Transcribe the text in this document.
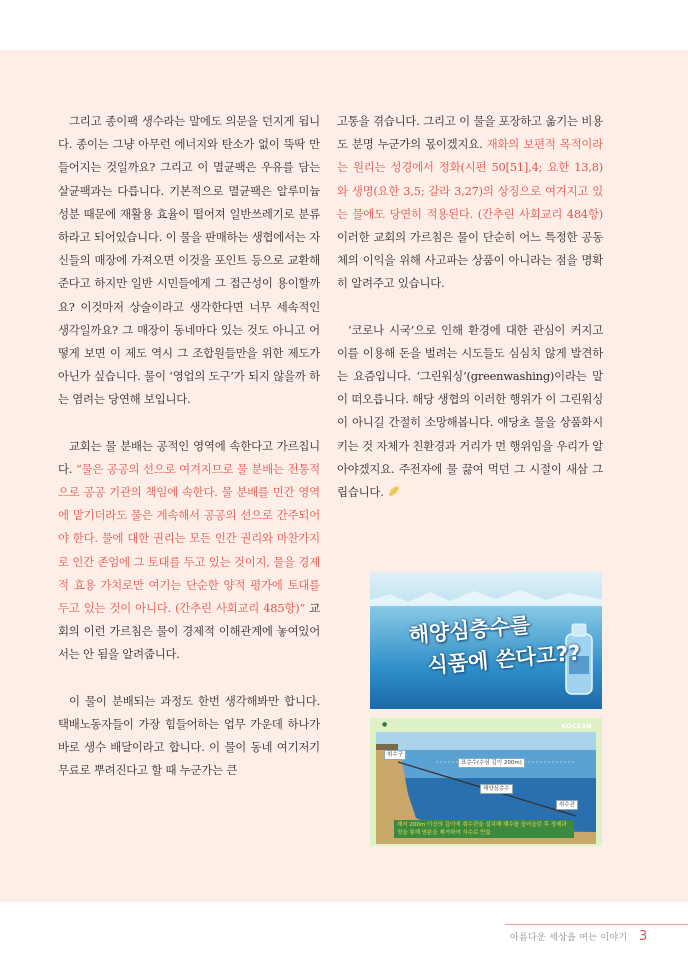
그리고 종이팩 생수라는 말에도 의문을 던지게 됩니다. 종이는 그냥 아무런 에너지와 탄소가 없이 뚝딱 만들어지는 것일까요? 그리고 이 멸균팩은 우유를 담는 살균팩과는 다릅니다. 기본적으로 멸균팩은 알루미늄 성분 때문에 재활용 효율이 떨어져 일반쓰레기로 분류하라고 되어있습니다. 이 물을 판매하는 생협에서는 자신들의 매장에 가져오면 이것을 포인트 등으로 교환해준다고 하지만 일반 시민들에게 그 접근성이 용이할까요? 이것마저 상술이라고 생각한다면 너무 세속적인 생각일까요? 그 매장이 동네마다 있는 것도 아니고 어떻게 보면 이 제도 역시 그 조합원들만을 위한 제도가 아닌가 싶습니다. 물이 ‘영업의 도구’가 되지 않을까 하는 염려는 당연해 보입니다.

교회는 물 분배는 공적인 영역에 속한다고 가르칩니다. “물은 공공의 선으로 여겨지므로 물 분배는 전통적으로 공공 기관의 책임에 속한다. 물 분배를 민간 영역에 맡기더라도 물은 계속해서 공공의 선으로 간주되어야 한다. 물에 대한 권리는 모든 인간 권리와 마찬가지로 인간 존엄에 그 토대를 두고 있는 것이지, 물을 경제적 효용 가치로만 여기는 단순한 양적 평가에 토대를 두고 있는 것이 아니다. (간추린 사회교리 485항)” 교회의 이런 가르침은 물이 경제적 이해관계에 놓여있어서는 안 됨을 알려줍니다.

이 물이 분배되는 과정도 한번 생각해봐만 합니다. 택배노동자들이 가장 힘들어하는 업무 가운데 하나가 바로 생수 배달이라고 합니다. 이 물이 동네 여기저기 무료로 뿌려진다고 할 때 누군가는 큰

고통을 겪습니다. 그리고 이 물을 포장하고 옮기는 비용도 분명 누군가의 몫이겠지요. 재화의 보편적 목적이라는 원리는 성경에서 정화(시편 50[51],4; 요한 13,8)와 생명(요한 3,5; 갈라 3,27)의 상징으로 여겨지고 있는 물에도 당연히 적용된다. (간추린 사회교리 484항) 이러한 교회의 가르침은 물이 단순히 어느 특정한 공동체의 이익을 위해 사고파는 상품이 아니라는 점을 명확히 알려주고 있습니다.

‘코로나 시국’으로 인해 환경에 대한 관심이 커지고 이를 이용해 돈을 벌려는 시도들도 심심치 않게 발견하는 요즘입니다. ‘그린워싱’(greenwashing)이라는 말이 떠오릅니다. 해당 생협의 이러한 행위가 이 그린워싱이 아니길 간절히 소망해봅니다. 애당초 물을 상품화시키는 것 자체가 친환경과 거리가 먼 행위임을 우리가 알아야겠지요. 주전자에 물 끓여 먹던 그 시절이 새삼 그립습니다.

해양심층수를
식품에 쓴다고??
●
취수구
표층수(수심 깊이 200m)
해양심층수
취수관
해저 200m 이상의 깊이에 취수관을 설치해 해수를 끌어올린 후 정제과정을 통해 염분을 제거하여 식수로 만듦
KOCEAN
아름다운 세상을 여는 이야기 3
